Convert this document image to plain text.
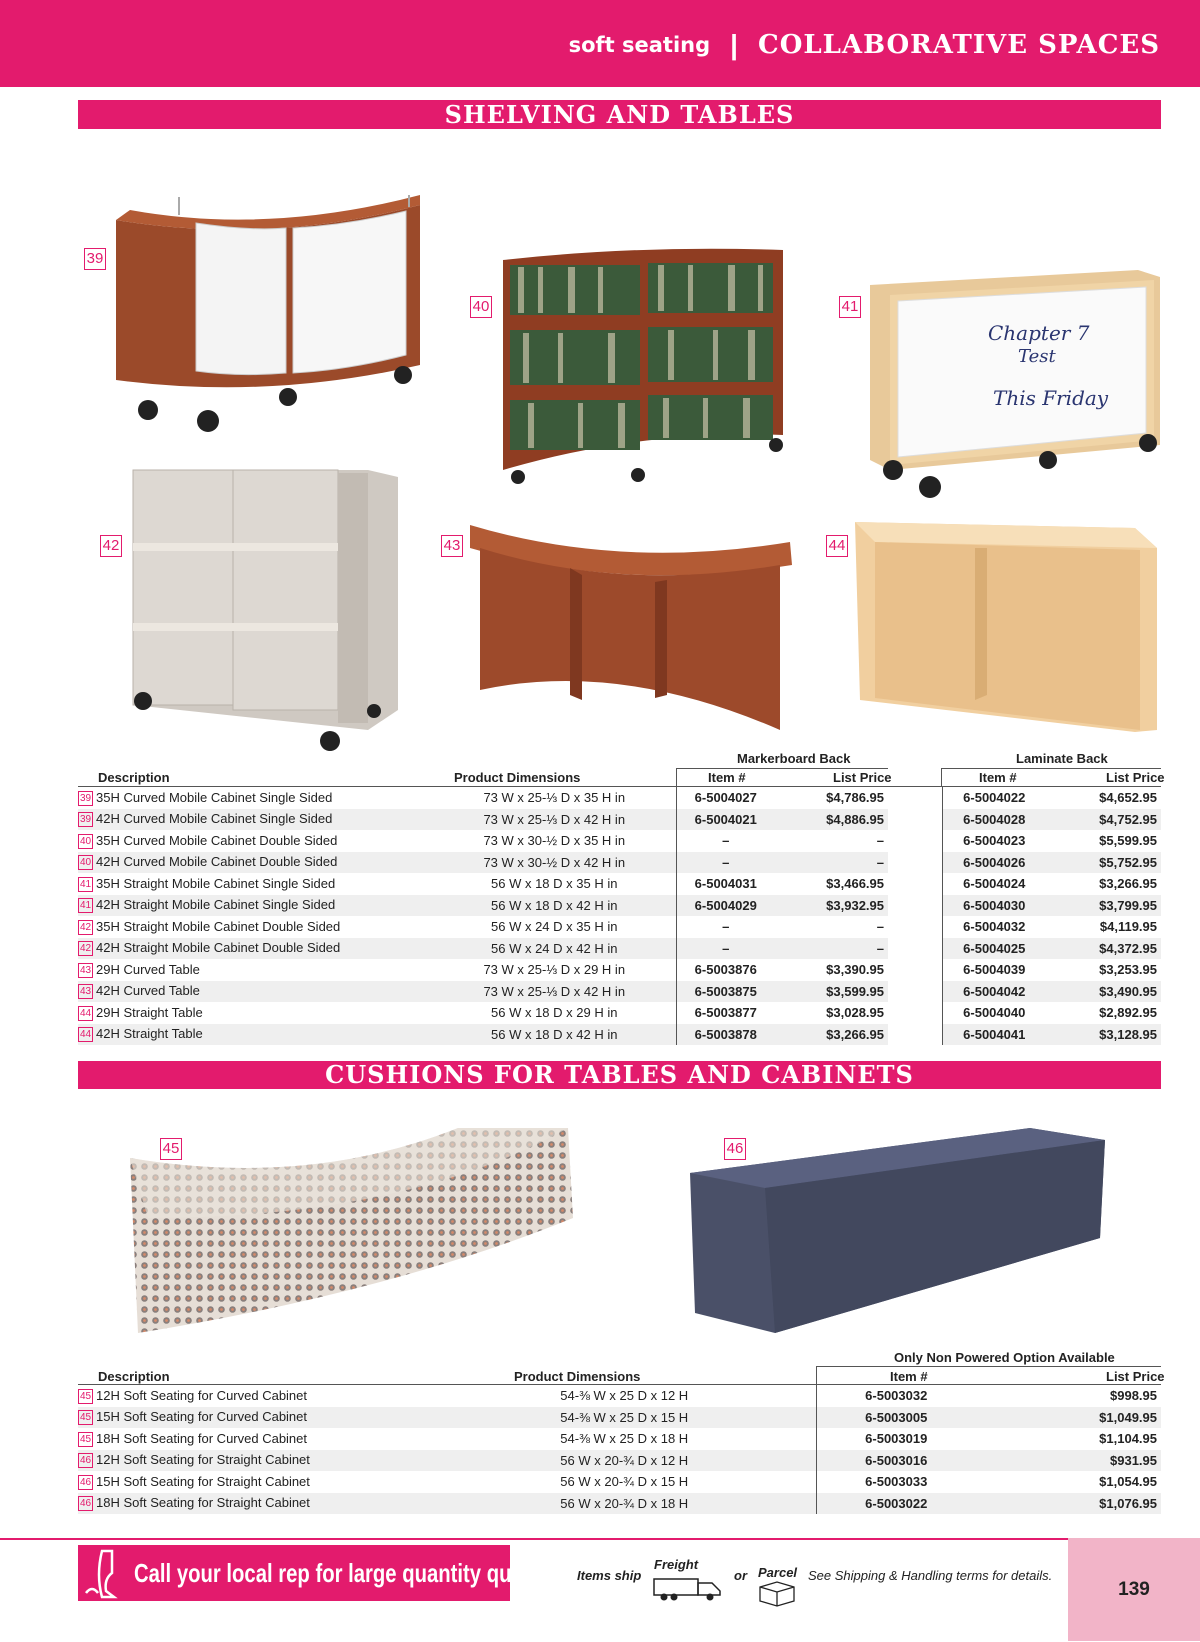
soft seating | COLLABORATIVE SPACES
SHELVING AND TABLES
Chapter 7
Test
This Friday
39
40	41
42	43	44
Markerboard Back	Laminate Back
Description	Product Dimensions	Item #	List Price	Item #	List Price
39 35H Curved Mobile Cabinet Single Sided	73 W x 25-⅓ D x 35 H in	6-5004027	$4,786.95		6-5004022	$4,652.95
39 42H Curved Mobile Cabinet Single Sided	73 W x 25-⅓ D x 42 H in	6-5004021	$4,886.95		6-5004028	$4,752.95
40 35H Curved Mobile Cabinet Double Sided	73 W x 30-½ D x 35 H in	–	–		6-5004023	$5,599.95
40 42H Curved Mobile Cabinet Double Sided	73 W x 30-½ D x 42 H in	–	–		6-5004026	$5,752.95
41 35H Straight Mobile Cabinet Single Sided	56 W x 18 D x 35 H in	6-5004031	$3,466.95		6-5004024	$3,266.95
41 42H Straight Mobile Cabinet Single Sided	56 W x 18 D x 42 H in	6-5004029	$3,932.95		6-5004030	$3,799.95
42 35H Straight Mobile Cabinet Double Sided	56 W x 24 D x 35 H in	–	–		6-5004032	$4,119.95
42 42H Straight Mobile Cabinet Double Sided	56 W x 24 D x 42 H in	–	–		6-5004025	$4,372.95
43 29H Curved Table	73 W x 25-⅓ D x 29 H in	6-5003876	$3,390.95		6-5004039	$3,253.95
43 42H Curved Table	73 W x 25-⅓ D x 42 H in	6-5003875	$3,599.95		6-5004042	$3,490.95
44 29H Straight Table	56 W x 18 D x 29 H in	6-5003877	$3,028.95		6-5004040	$2,892.95
44 42H Straight Table	56 W x 18 D x 42 H in	6-5003878	$3,266.95		6-5004041	$3,128.95
CUSHIONS FOR TABLES AND CABINETS
45	46
Only Non Powered Option Available
Description	Product Dimensions	Item #	List Price
45 12H Soft Seating for Curved Cabinet	54-⅜ W x 25 D x 12 H	6-5003032	$998.95
45 15H Soft Seating for Curved Cabinet	54-⅜ W x 25 D x 15 H	6-5003005	$1,049.95
45 18H Soft Seating for Curved Cabinet	54-⅜ W x 25 D x 18 H	6-5003019	$1,104.95
46 12H Soft Seating for Straight Cabinet	56 W x 20-¾ D x 12 H	6-5003016	$931.95
46 15H Soft Seating for Straight Cabinet	56 W x 20-¾ D x 15 H	6-5003033	$1,054.95
46 18H Soft Seating for Straight Cabinet	56 W x 20-¾ D x 18 H	6-5003022	$1,076.95
139
Call your local rep for large quantity quotes. Items ship
Freight
or Parcel See Shipping & Handling terms for details.
